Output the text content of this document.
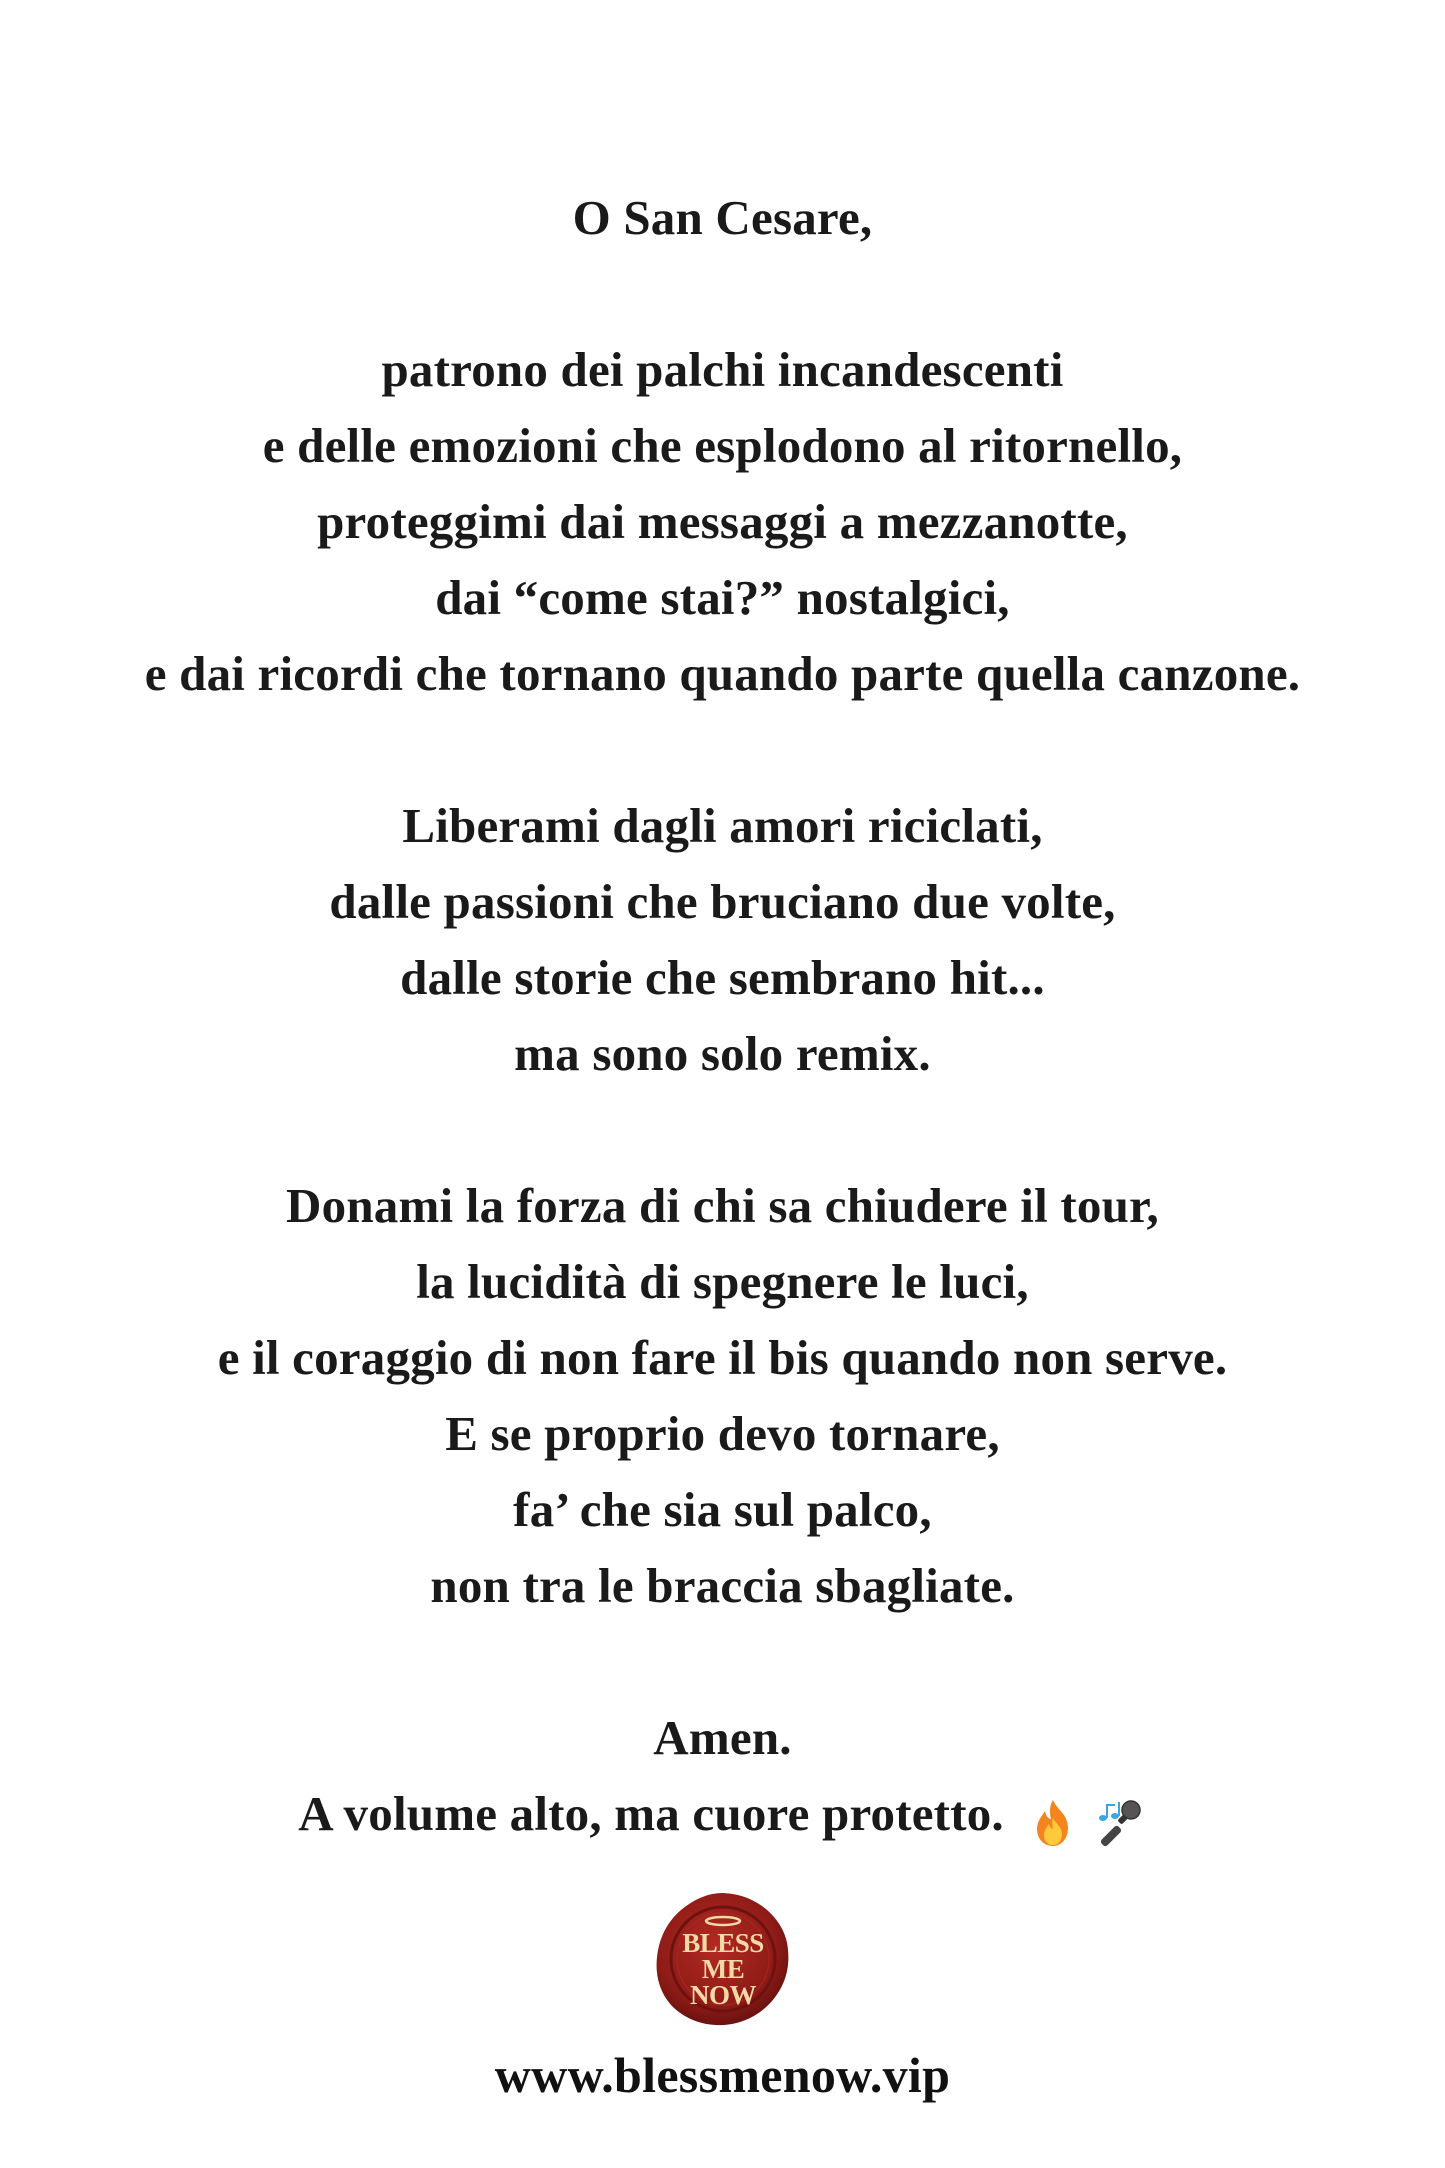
O San Cesare,
patrono dei palchi incandescenti
e delle emozioni che esplodono al ritornello,
proteggimi dai messaggi a mezzanotte,
dai “come stai?” nostalgici,
e dai ricordi che tornano quando parte quella canzone.
Liberami dagli amori riciclati,
dalle passioni che bruciano due volte,
dalle storie che sembrano hit...
ma sono solo remix.
Donami la forza di chi sa chiudere il tour,
la lucidità di spegnere le luci,
e il coraggio di non fare il bis quando non serve.
E se proprio devo tornare,
fa’ che sia sul palco,
non tra le braccia sbagliate.
Amen.
A volume alto, ma cuore protetto.
BLESS
ME
NOW
www.blessmenow.vip
